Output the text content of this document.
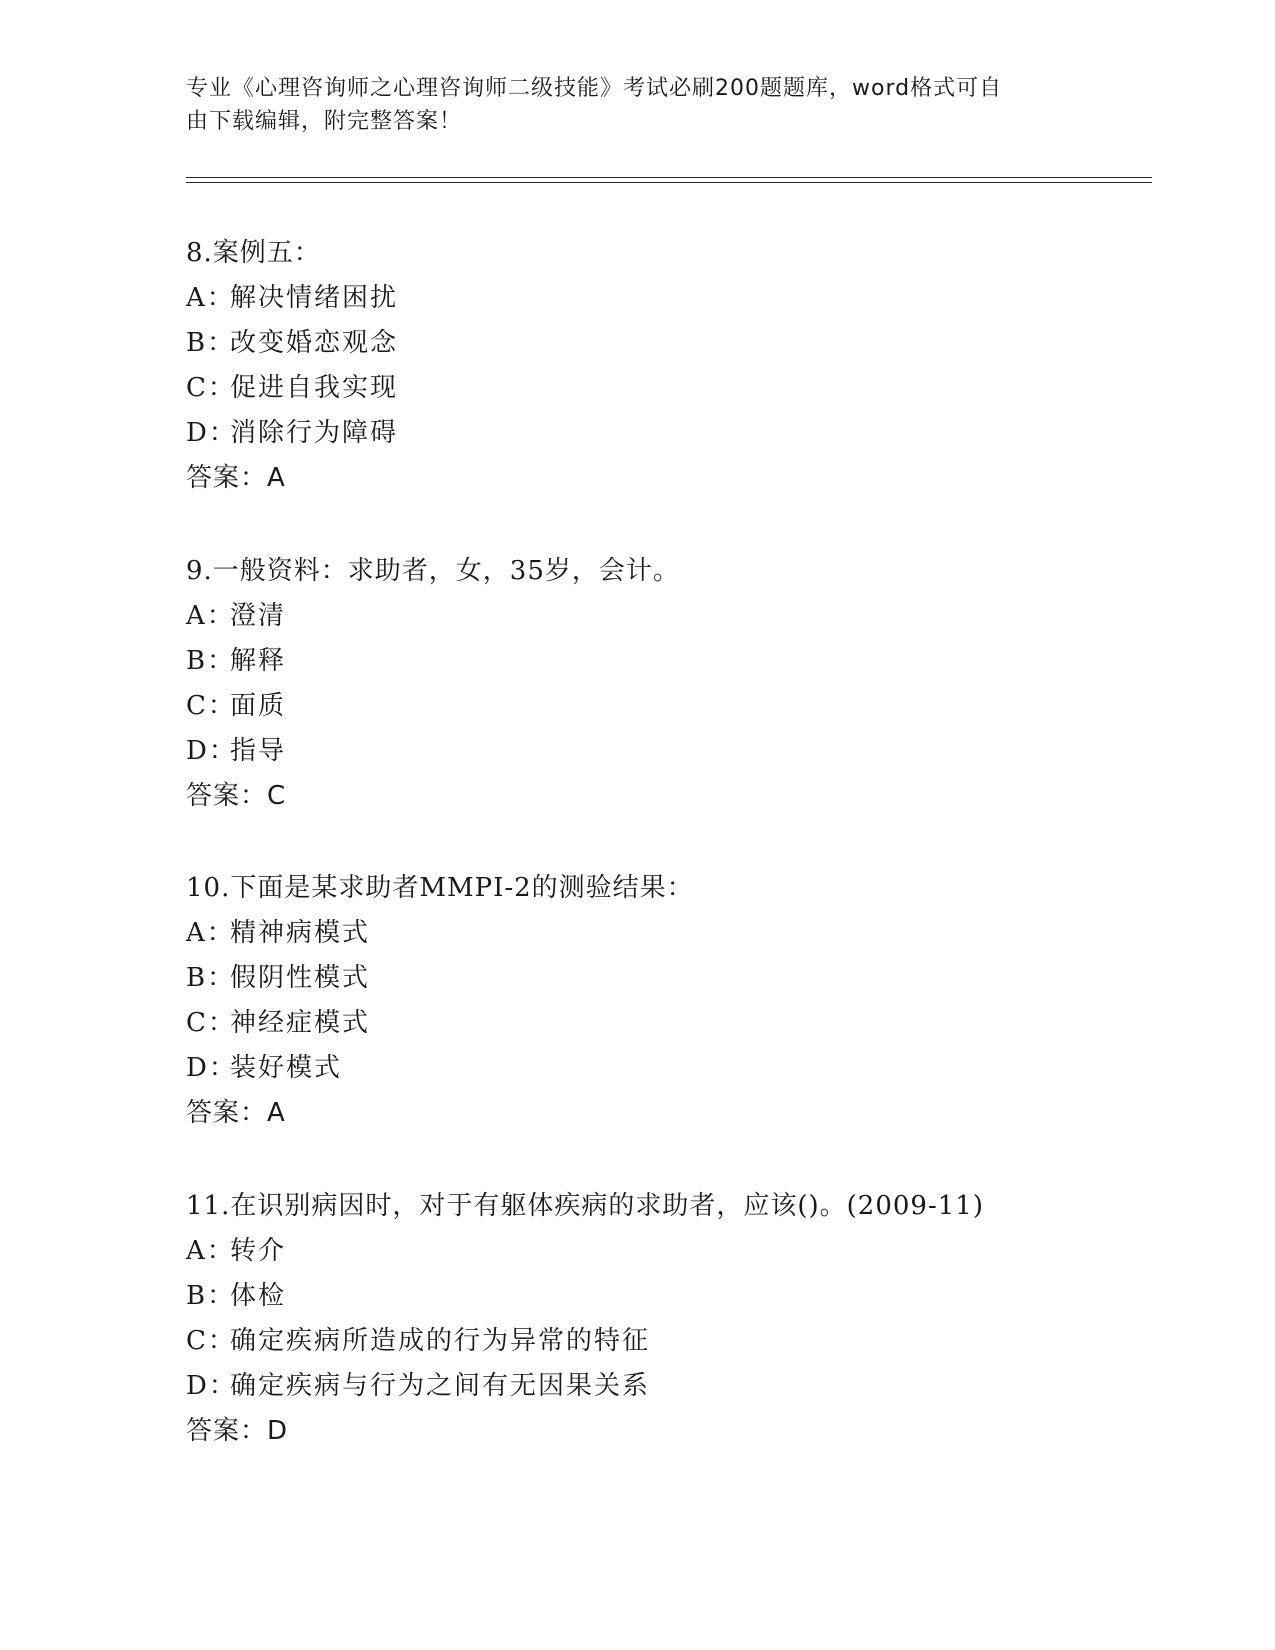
专业《心理咨询师之心理咨询师二级技能》考试必刷200题题库，word格式可自
由下载编辑，附完整答案！
8.案例五：
A：解决情绪困扰
B：改变婚恋观念
C：促进自我实现
D：消除行为障碍
答案：A
9.一般资料：求助者，女，35岁，会计。
A：澄清
B：解释
C：面质
D：指导
答案：C
10.下面是某求助者MMPI-2的测验结果：
A：精神病模式
B：假阴性模式
C：神经症模式
D：装好模式
答案：A
11.在识别病因时，对于有躯体疾病的求助者，应该()。(2009-11)
A：转介
B：体检
C：确定疾病所造成的行为异常的特征
D：确定疾病与行为之间有无因果关系
答案：D
